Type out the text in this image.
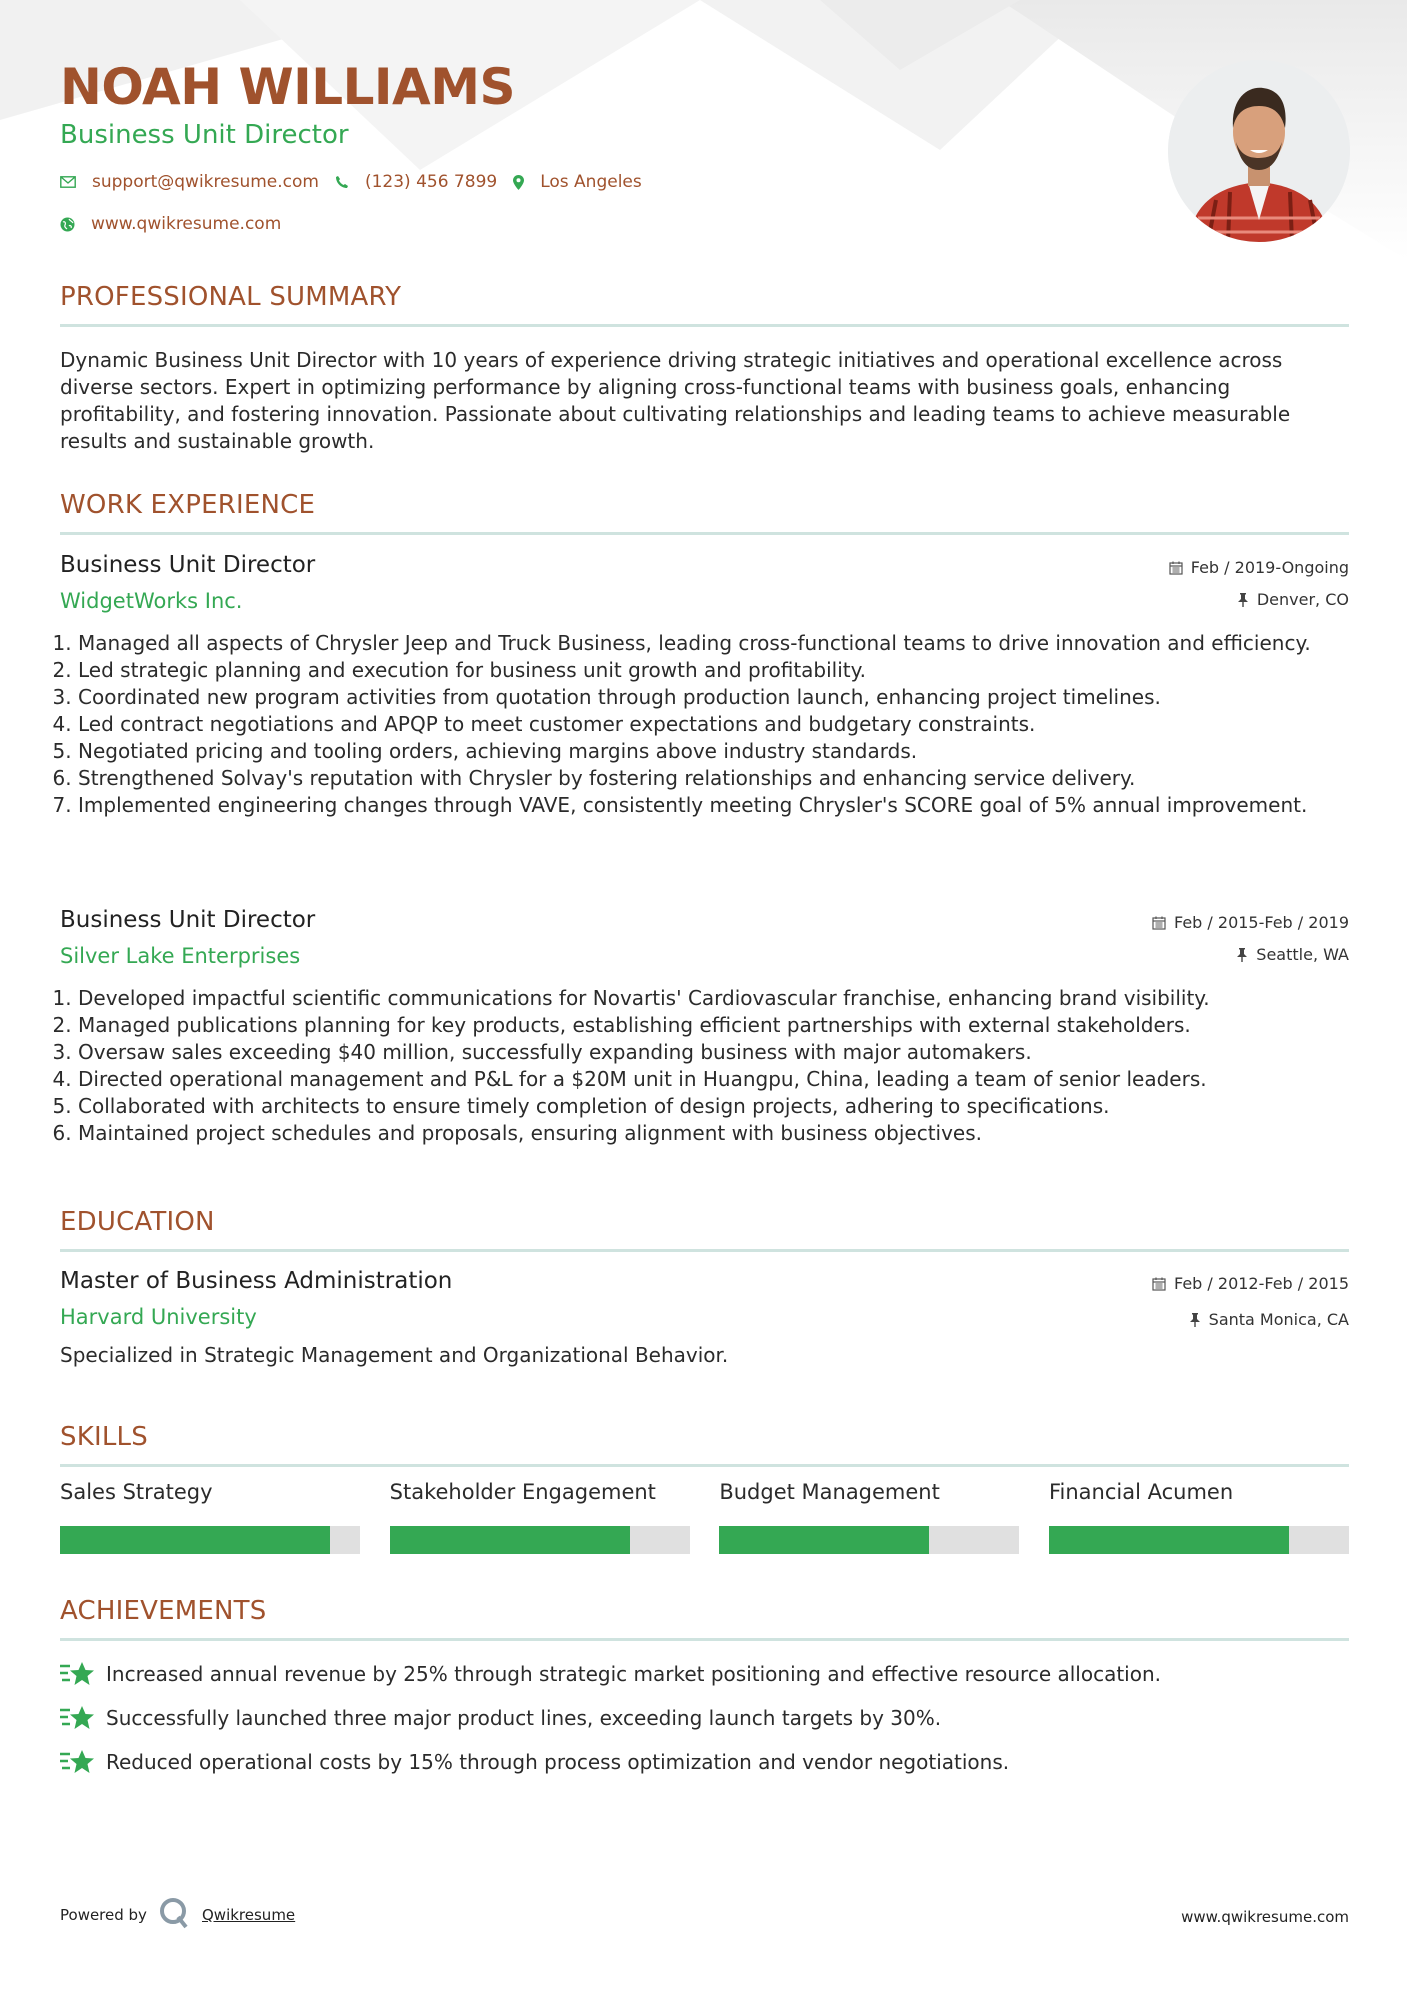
NOAH WILLIAMS
Business Unit Director
support@qwikresume.com	(123) 456 7899	Los Angeles
www.qwikresume.com
PROFESSIONAL SUMMARY

Dynamic Business Unit Director with 10 years of experience driving strategic initiatives and operational excellence across diverse sectors. Expert in optimizing performance by aligning cross-functional teams with business goals, enhancing profitability, and fostering innovation. Passionate about cultivating relationships and leading teams to achieve measurable results and sustainable growth.

WORK EXPERIENCE
Business Unit Director
WidgetWorks Inc.
Feb / 2019-Ongoing
Denver, CO
1. Managed all aspects of Chrysler Jeep and Truck Business, leading cross-functional teams to drive innovation and efficiency.
2. Led strategic planning and execution for business unit growth and profitability.
3. Coordinated new program activities from quotation through production launch, enhancing project timelines.
4. Led contract negotiations and APQP to meet customer expectations and budgetary constraints.
5. Negotiated pricing and tooling orders, achieving margins above industry standards.
6. Strengthened Solvay's reputation with Chrysler by fostering relationships and enhancing service delivery.
7. Implemented engineering changes through VAVE, consistently meeting Chrysler's SCORE goal of 5% annual improvement.
Business Unit Director
Silver Lake Enterprises
Feb / 2015-Feb / 2019
Seattle, WA
1. Developed impactful scientific communications for Novartis' Cardiovascular franchise, enhancing brand visibility.
2. Managed publications planning for key products, establishing efficient partnerships with external stakeholders.
3. Oversaw sales exceeding $40 million, successfully expanding business with major automakers.
4. Directed operational management and P&L for a $20M unit in Huangpu, China, leading a team of senior leaders.
5. Collaborated with architects to ensure timely completion of design projects, adhering to specifications.
6. Maintained project schedules and proposals, ensuring alignment with business objectives.
EDUCATION
Master of Business Administration
Harvard University
Feb / 2012-Feb / 2015
Santa Monica, CA

Specialized in Strategic Management and Organizational Behavior.

SKILLS
Sales Strategy	Stakeholder Engagement	Budget Management	Financial Acumen
ACHIEVEMENTS
Increased annual revenue by 25% through strategic market positioning and effective resource allocation.
Successfully launched three major product lines, exceeding launch targets by 30%.
Reduced operational costs by 15% through process optimization and vendor negotiations.
Powered by	Qwikresume	www.qwikresume.com
